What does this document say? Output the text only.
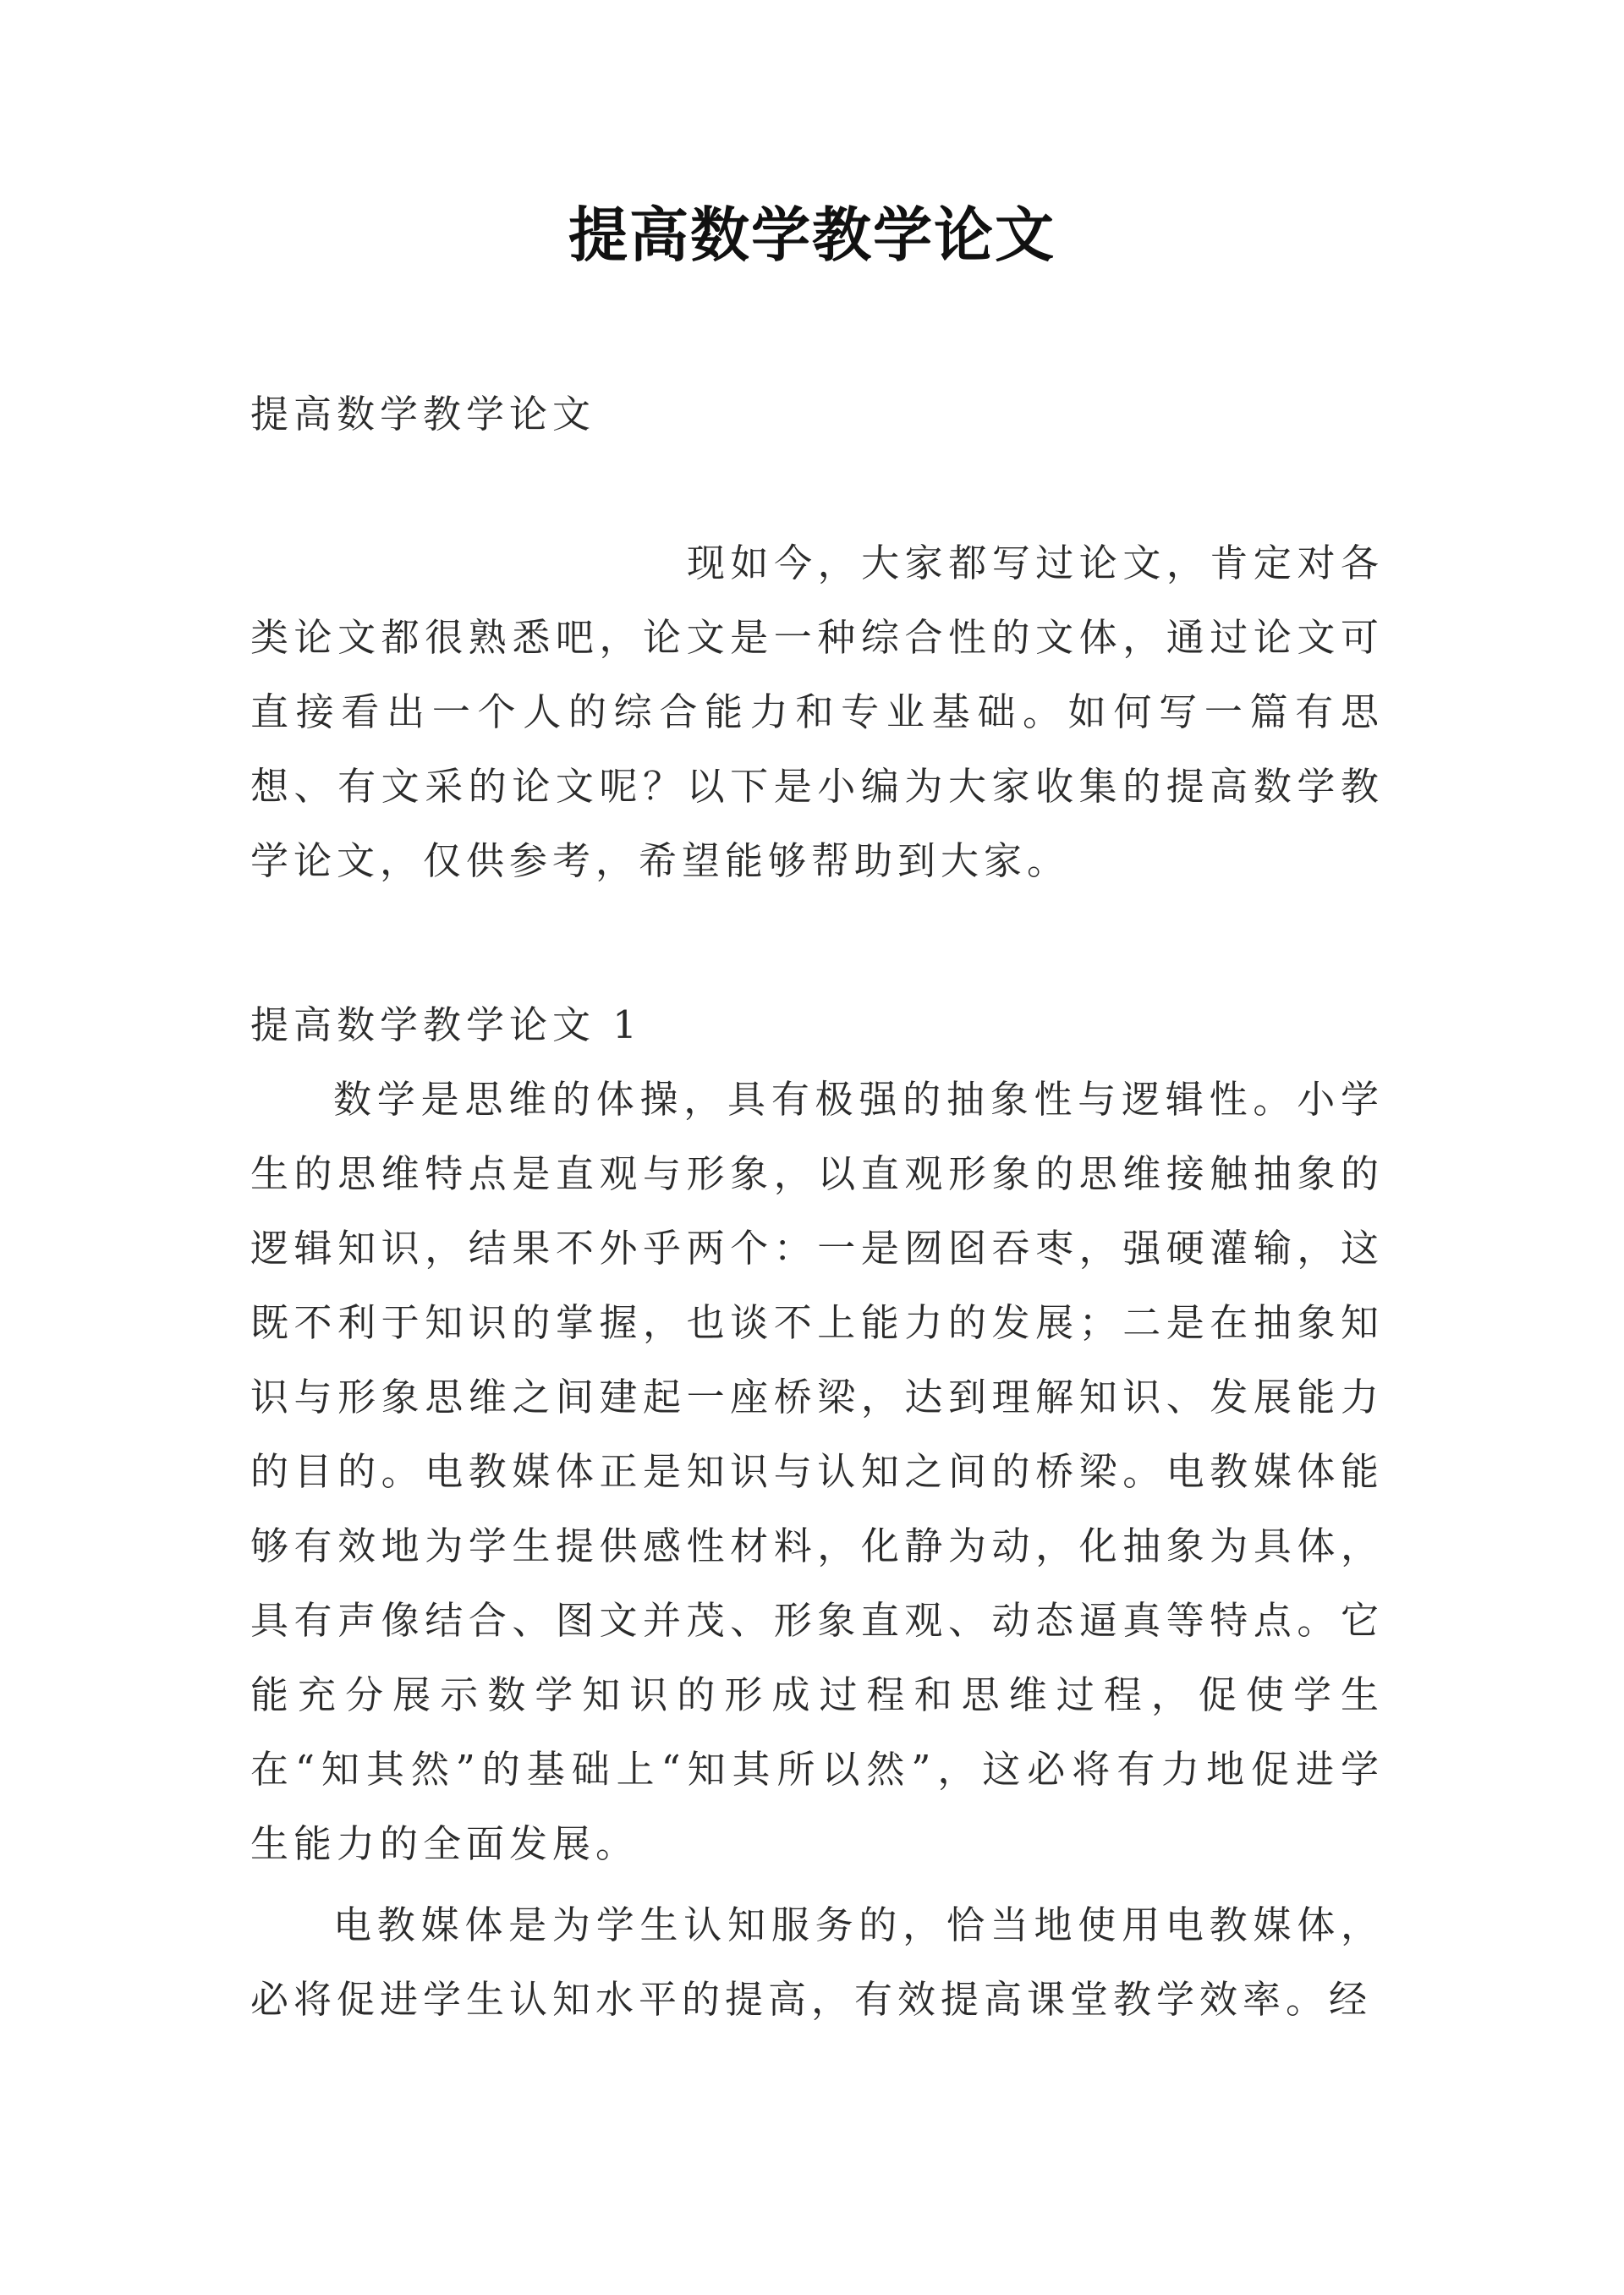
提高数学教学论文

提高数学教学论文

现如今，大家都写过论文，肯定对各类论文都很熟悉吧，论文是一种综合性的文体，通过论文可直接看出一个人的综合能力和专业基础。如何写一篇有思想、有文采的论文呢？以下是小编为大家收集的提高数学教学论文，仅供参考，希望能够帮助到大家。

提高数学教学论文 1

数学是思维的体操，具有极强的抽象性与逻辑性。小学生的思维特点是直观与形象，以直观形象的思维接触抽象的逻辑知识，结果不外乎两个：一是囫囵吞枣，强硬灌输，这既不利于知识的掌握，也谈不上能力的发展；二是在抽象知识与形象思维之间建起一座桥梁，达到理解知识、发展能力的目的。电教媒体正是知识与认知之间的桥梁。电教媒体能够有效地为学生提供感性材料，化静为动，化抽象为具体，具有声像结合、图文并茂、形象直观、动态逼真等特点。它能充分展示数学知识的形成过程和思维过程，促使学生在“知其然”的基础上“知其所以然”，这必将有力地促进学生能力的全面发展。

电教媒体是为学生认知服务的，恰当地使用电教媒体，必将促进学生认知水平的提高，有效提高课堂教学效率。经
